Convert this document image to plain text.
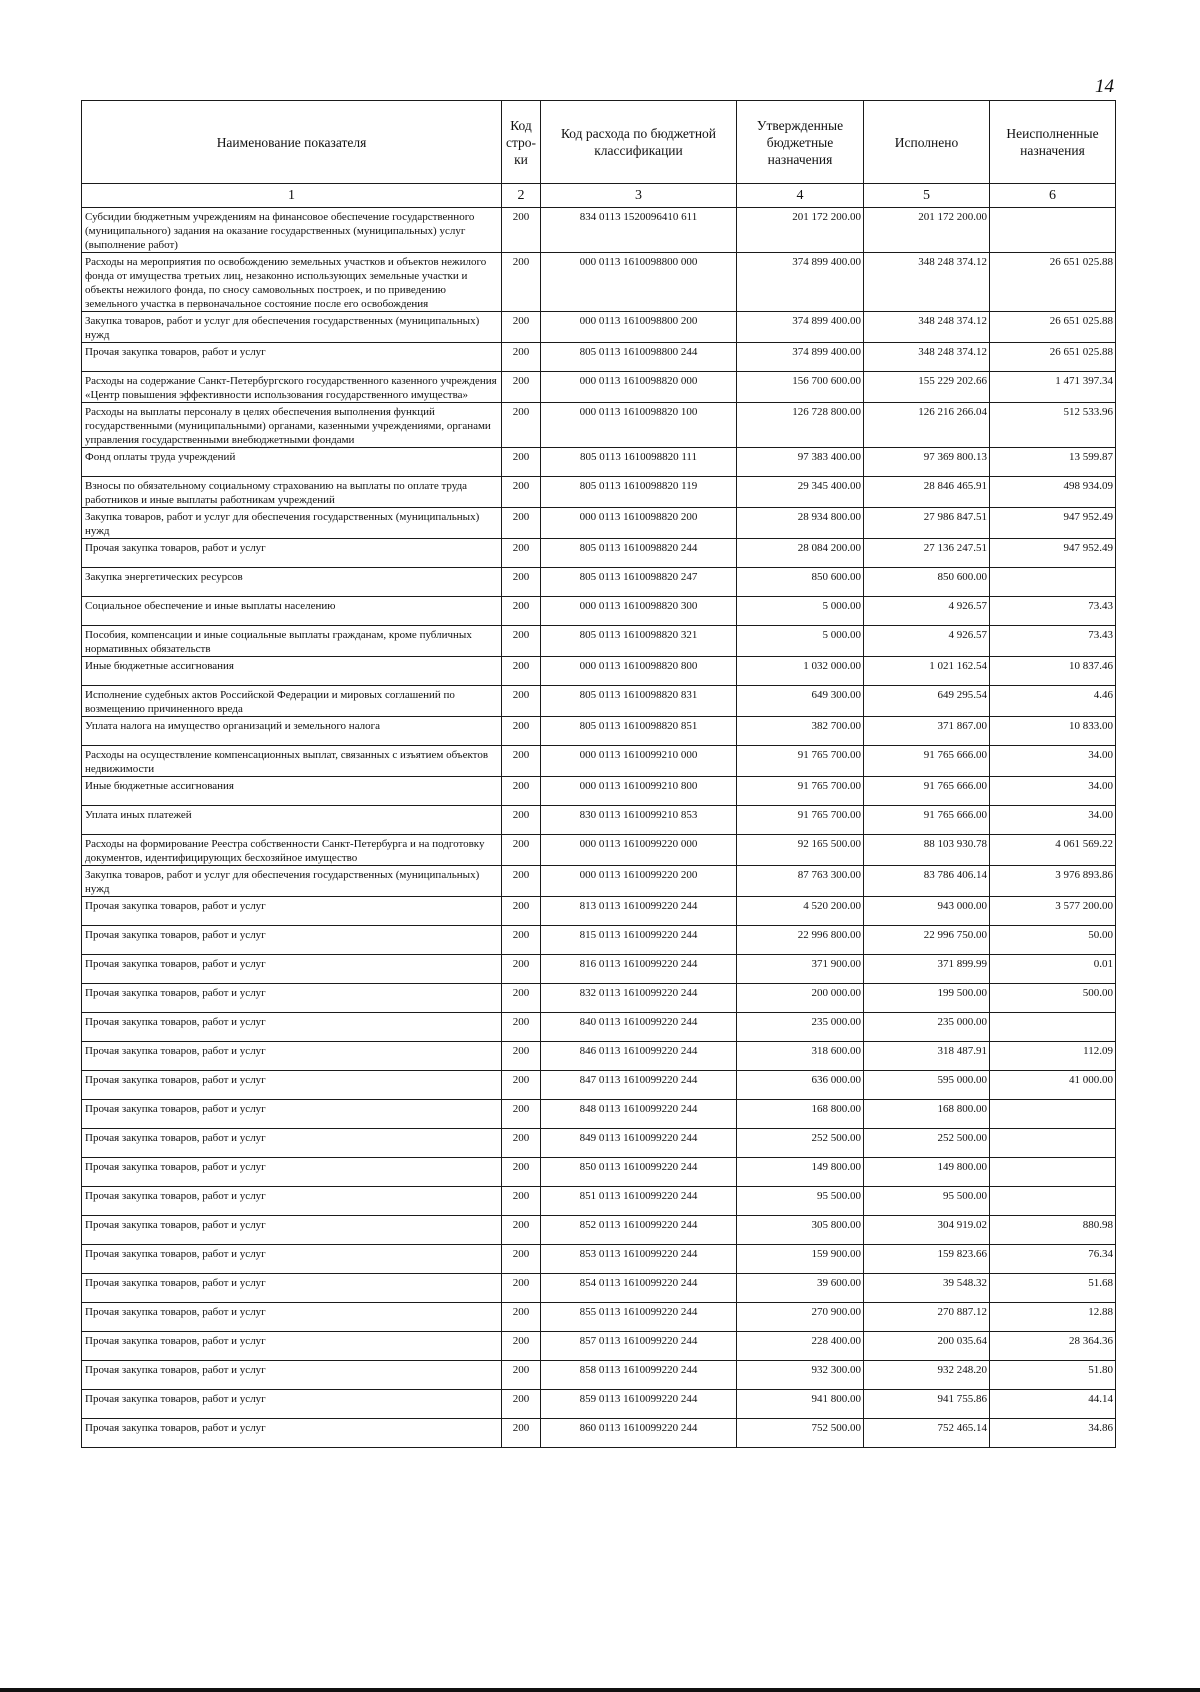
14
Наименование показателя	Код стро-ки	Код расхода по бюджетной классификации	Утвержденные бюджетные назначения	Исполнено	Неисполненные назначения
1	2	3	4	5	6
Субсидии бюджетным учреждениям на финансовое обеспечение государственного (муниципального) задания на оказание государственных (муниципальных) услуг (выполнение работ)	200	834 0113 1520096410 611	201 172 200.00	201 172 200.00	
Расходы на мероприятия по освобождению земельных участков и объектов нежилого фонда от имущества третьих лиц, незаконно использующих земельные участки и объекты нежилого фонда, по сносу самовольных построек, и по приведению земельного участка в первоначальное состояние после его освобождения	200	000 0113 1610098800 000	374 899 400.00	348 248 374.12	26 651 025.88
Закупка товаров, работ и услуг для обеспечения государственных (муниципальных) нужд	200	000 0113 1610098800 200	374 899 400.00	348 248 374.12	26 651 025.88
Прочая закупка товаров, работ и услуг	200	805 0113 1610098800 244	374 899 400.00	348 248 374.12	26 651 025.88
Расходы на содержание Санкт-Петербургского государственного казенного учреждения «Центр повышения эффективности использования государственного имущества»	200	000 0113 1610098820 000	156 700 600.00	155 229 202.66	1 471 397.34
Расходы на выплаты персоналу в целях обеспечения выполнения функций государственными (муниципальными) органами, казенными учреждениями, органами управления государственными внебюджетными фондами	200	000 0113 1610098820 100	126 728 800.00	126 216 266.04	512 533.96
Фонд оплаты труда учреждений	200	805 0113 1610098820 111	97 383 400.00	97 369 800.13	13 599.87
Взносы по обязательному социальному страхованию на выплаты по оплате труда работников и иные выплаты работникам учреждений	200	805 0113 1610098820 119	29 345 400.00	28 846 465.91	498 934.09
Закупка товаров, работ и услуг для обеспечения государственных (муниципальных) нужд	200	000 0113 1610098820 200	28 934 800.00	27 986 847.51	947 952.49
Прочая закупка товаров, работ и услуг	200	805 0113 1610098820 244	28 084 200.00	27 136 247.51	947 952.49
Закупка энергетических ресурсов	200	805 0113 1610098820 247	850 600.00	850 600.00	
Социальное обеспечение и иные выплаты населению	200	000 0113 1610098820 300	5 000.00	4 926.57	73.43
Пособия, компенсации и иные социальные выплаты гражданам, кроме публичных нормативных обязательств	200	805 0113 1610098820 321	5 000.00	4 926.57	73.43
Иные бюджетные ассигнования	200	000 0113 1610098820 800	1 032 000.00	1 021 162.54	10 837.46
Исполнение судебных актов Российской Федерации и мировых соглашений по возмещению причиненного вреда	200	805 0113 1610098820 831	649 300.00	649 295.54	4.46
Уплата налога на имущество организаций и земельного налога	200	805 0113 1610098820 851	382 700.00	371 867.00	10 833.00
Расходы на осуществление компенсационных выплат, связанных с изъятием объектов недвижимости	200	000 0113 1610099210 000	91 765 700.00	91 765 666.00	34.00
Иные бюджетные ассигнования	200	000 0113 1610099210 800	91 765 700.00	91 765 666.00	34.00
Уплата иных платежей	200	830 0113 1610099210 853	91 765 700.00	91 765 666.00	34.00
Расходы на формирование Реестра собственности Санкт-Петербурга и на подготовку документов, идентифицирующих бесхозяйное имущество	200	000 0113 1610099220 000	92 165 500.00	88 103 930.78	4 061 569.22
Закупка товаров, работ и услуг для обеспечения государственных (муниципальных) нужд	200	000 0113 1610099220 200	87 763 300.00	83 786 406.14	3 976 893.86
Прочая закупка товаров, работ и услуг	200	813 0113 1610099220 244	4 520 200.00	943 000.00	3 577 200.00
Прочая закупка товаров, работ и услуг	200	815 0113 1610099220 244	22 996 800.00	22 996 750.00	50.00
Прочая закупка товаров, работ и услуг	200	816 0113 1610099220 244	371 900.00	371 899.99	0.01
Прочая закупка товаров, работ и услуг	200	832 0113 1610099220 244	200 000.00	199 500.00	500.00
Прочая закупка товаров, работ и услуг	200	840 0113 1610099220 244	235 000.00	235 000.00	
Прочая закупка товаров, работ и услуг	200	846 0113 1610099220 244	318 600.00	318 487.91	112.09
Прочая закупка товаров, работ и услуг	200	847 0113 1610099220 244	636 000.00	595 000.00	41 000.00
Прочая закупка товаров, работ и услуг	200	848 0113 1610099220 244	168 800.00	168 800.00	
Прочая закупка товаров, работ и услуг	200	849 0113 1610099220 244	252 500.00	252 500.00	
Прочая закупка товаров, работ и услуг	200	850 0113 1610099220 244	149 800.00	149 800.00	
Прочая закупка товаров, работ и услуг	200	851 0113 1610099220 244	95 500.00	95 500.00	
Прочая закупка товаров, работ и услуг	200	852 0113 1610099220 244	305 800.00	304 919.02	880.98
Прочая закупка товаров, работ и услуг	200	853 0113 1610099220 244	159 900.00	159 823.66	76.34
Прочая закупка товаров, работ и услуг	200	854 0113 1610099220 244	39 600.00	39 548.32	51.68
Прочая закупка товаров, работ и услуг	200	855 0113 1610099220 244	270 900.00	270 887.12	12.88
Прочая закупка товаров, работ и услуг	200	857 0113 1610099220 244	228 400.00	200 035.64	28 364.36
Прочая закупка товаров, работ и услуг	200	858 0113 1610099220 244	932 300.00	932 248.20	51.80
Прочая закупка товаров, работ и услуг	200	859 0113 1610099220 244	941 800.00	941 755.86	44.14
Прочая закупка товаров, работ и услуг	200	860 0113 1610099220 244	752 500.00	752 465.14	34.86
